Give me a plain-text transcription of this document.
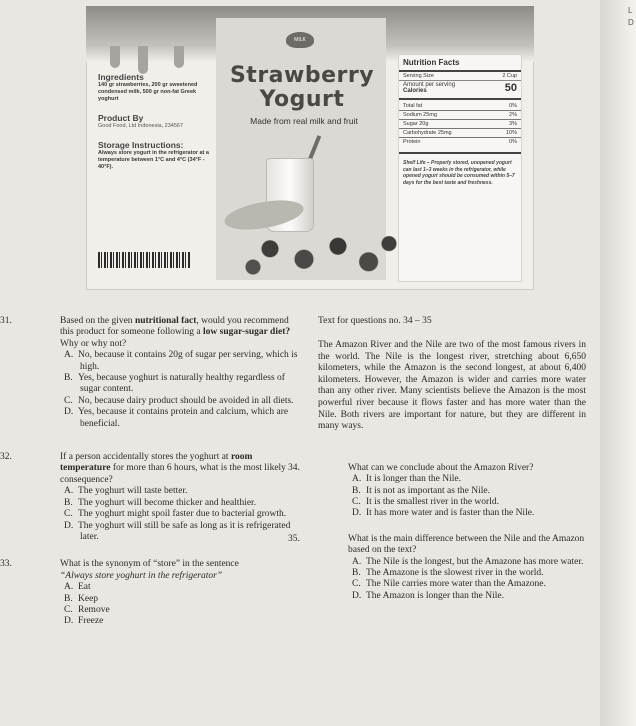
L
D
MILK
Strawberry
Yogurt
Made from real milk and fruit
Ingredients
140 gr strawberries, 200 gr sweetened condensed milk, 500 gr non-fat Greek yoghurt
Product By
Good Food, Ltd Indonesia, 234567
Storage Instructions:
Always store yogurt in the refrigerator at a temperature between 1°C and 4°C (34°F - 40°F).
Nutrition Facts
Serving Size	2 Cup
Amount per serving
Calories	50
Total fat	0%
Sodium 25mg	2%
Sugar 20g	3%
Carbohydrate 25mg	10%
Protein	0%
Shelf Life – Properly stored, unopened yogurt can last 1–3 weeks in the refrigerator, while opened yogurt should be consumed within 5–7 days for the best taste and freshness.

31.	Based on the given nutritional fact, would you recommend this product for someone following a low sugar-sugar diet? Why or why not?

A. No, because it contains 20g of sugar per serving, which is high.
B. Yes, because yoghurt is naturally healthy regardless of sugar content.
C. No, because dairy product should be avoided in all diets.
D. Yes, because it contains protein and calcium, which are beneficial.

32.	If a person accidentally stores the yoghurt at room temperature for more than 6 hours, what is the most likely consequence?

A. The yoghurt will taste better.
B. The yoghurt will become thicker and healthier.
C. The yoghurt might spoil faster due to bacterial growth.
D. The yoghurt will still be safe as long as it is refrigerated later.

33.	What is the synonym of “store” in the sentence

“Always store yoghurt in the refrigerator”

A. Eat
B. Keep
C. Remove
D. Freeze

Text for questions no. 34 – 35

The Amazon River and the Nile are two of the most famous rivers in the world. The Nile is the longest river, stretching about 6,650 kilometers, while the Amazon is the second longest, at about 6,400 kilometers. However, the Amazon is wider and carries more water than any other river. Many scientists believe the Amazon is the most powerful river because it flows faster and has more water than the Nile. Both rivers are important for nature, but they are different in many ways.

34.	What can we conclude about the Amazon River?

A. It is longer than the Nile.
B. It is not as important as the Nile.
C. It is the smallest river in the world.
D. It has more water and is faster than the Nile.

35.	What is the main difference between the Nile and the Amazon based on the text?

A. The Nile is the longest, but the Amazone has more water.
B. The Amazone is the slowest river in the world.
C. The Nile carries more water than the Amazone.
D. The Amazon is longer than the Nile.
